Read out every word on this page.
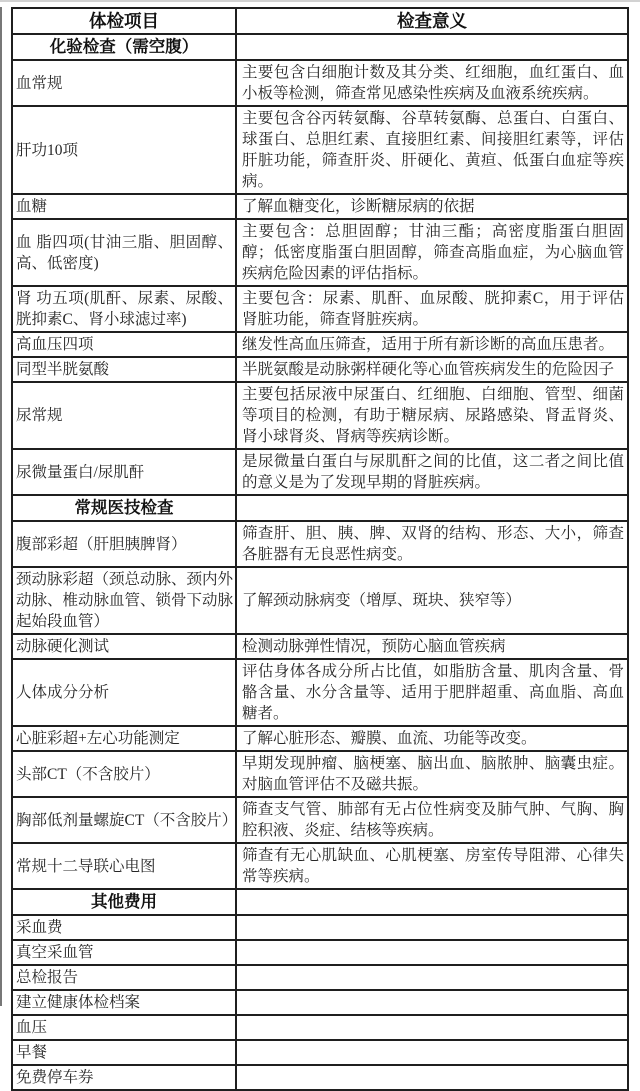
体检项目	检查意义
化验检查（需空腹）	
血常规	主要包含白细胞计数及其分类、红细胞，血红蛋白、血小板等检测，筛查常见感染性疾病及血液系统疾病。
肝功10项	主要包含谷丙转氨酶、谷草转氨酶、总蛋白、白蛋白、球蛋白、总胆红素、直接胆红素、间接胆红素等，评估肝脏功能，筛查肝炎、肝硬化、黄疸、低蛋白血症等疾病。
血糖	了解血糖变化，诊断糖尿病的依据
血 脂四项(甘油三脂、胆固醇、高、低密度)	主要包含：总胆固醇；甘油三酯；高密度脂蛋白胆固醇；低密度脂蛋白胆固醇，筛查高脂血症，为心脑血管疾病危险因素的评估指标。
肾 功五项(肌酐、尿素、尿酸、胱抑素C、肾小球滤过率)	主要包含：尿素、肌酐、血尿酸、胱抑素C，用于评估肾脏功能，筛查肾脏疾病。
高血压四项	继发性高血压筛查，适用于所有新诊断的高血压患者。
同型半胱氨酸	半胱氨酸是动脉粥样硬化等心血管疾病发生的危险因子
尿常规	主要包括尿液中尿蛋白、红细胞、白细胞、管型、细菌等项目的检测，有助于糖尿病、尿路感染、肾盂肾炎、肾小球肾炎、肾病等疾病诊断。
尿微量蛋白/尿肌酐	是尿微量白蛋白与尿肌酐之间的比值，这二者之间比值的意义是为了发现早期的肾脏疾病。
常规医技检查	
腹部彩超（肝胆胰脾肾）	筛查肝、胆、胰、脾、双肾的结构、形态、大小，筛查各脏器有无良恶性病变。
颈动脉彩超（颈总动脉、颈内外动脉、椎动脉血管、锁骨下动脉起始段血管）	了解颈动脉病变（增厚、斑块、狭窄等）
动脉硬化测试	检测动脉弹性情况，预防心脑血管疾病
人体成分分析	评估身体各成分所占比值，如脂肪含量、肌肉含量、骨骼含量、水分含量等、适用于肥胖超重、高血脂、高血糖者。
心脏彩超+左心功能测定	了解心脏形态、瓣膜、血流、功能等改变。
头部CT（不含胶片）	早期发现肿瘤、脑梗塞、脑出血、脑脓肿、脑囊虫症。对脑血管评估不及磁共振。
胸部低剂量螺旋CT（不含胶片）	筛查支气管、肺部有无占位性病变及肺气肿、气胸、胸腔积液、炎症、结核等疾病。
常规十二导联心电图	筛查有无心肌缺血、心肌梗塞、房室传导阻滞、心律失常等疾病。
其他费用	
采血费	
真空采血管	
总检报告	
建立健康体检档案	
血压	
早餐	
免费停车券	
